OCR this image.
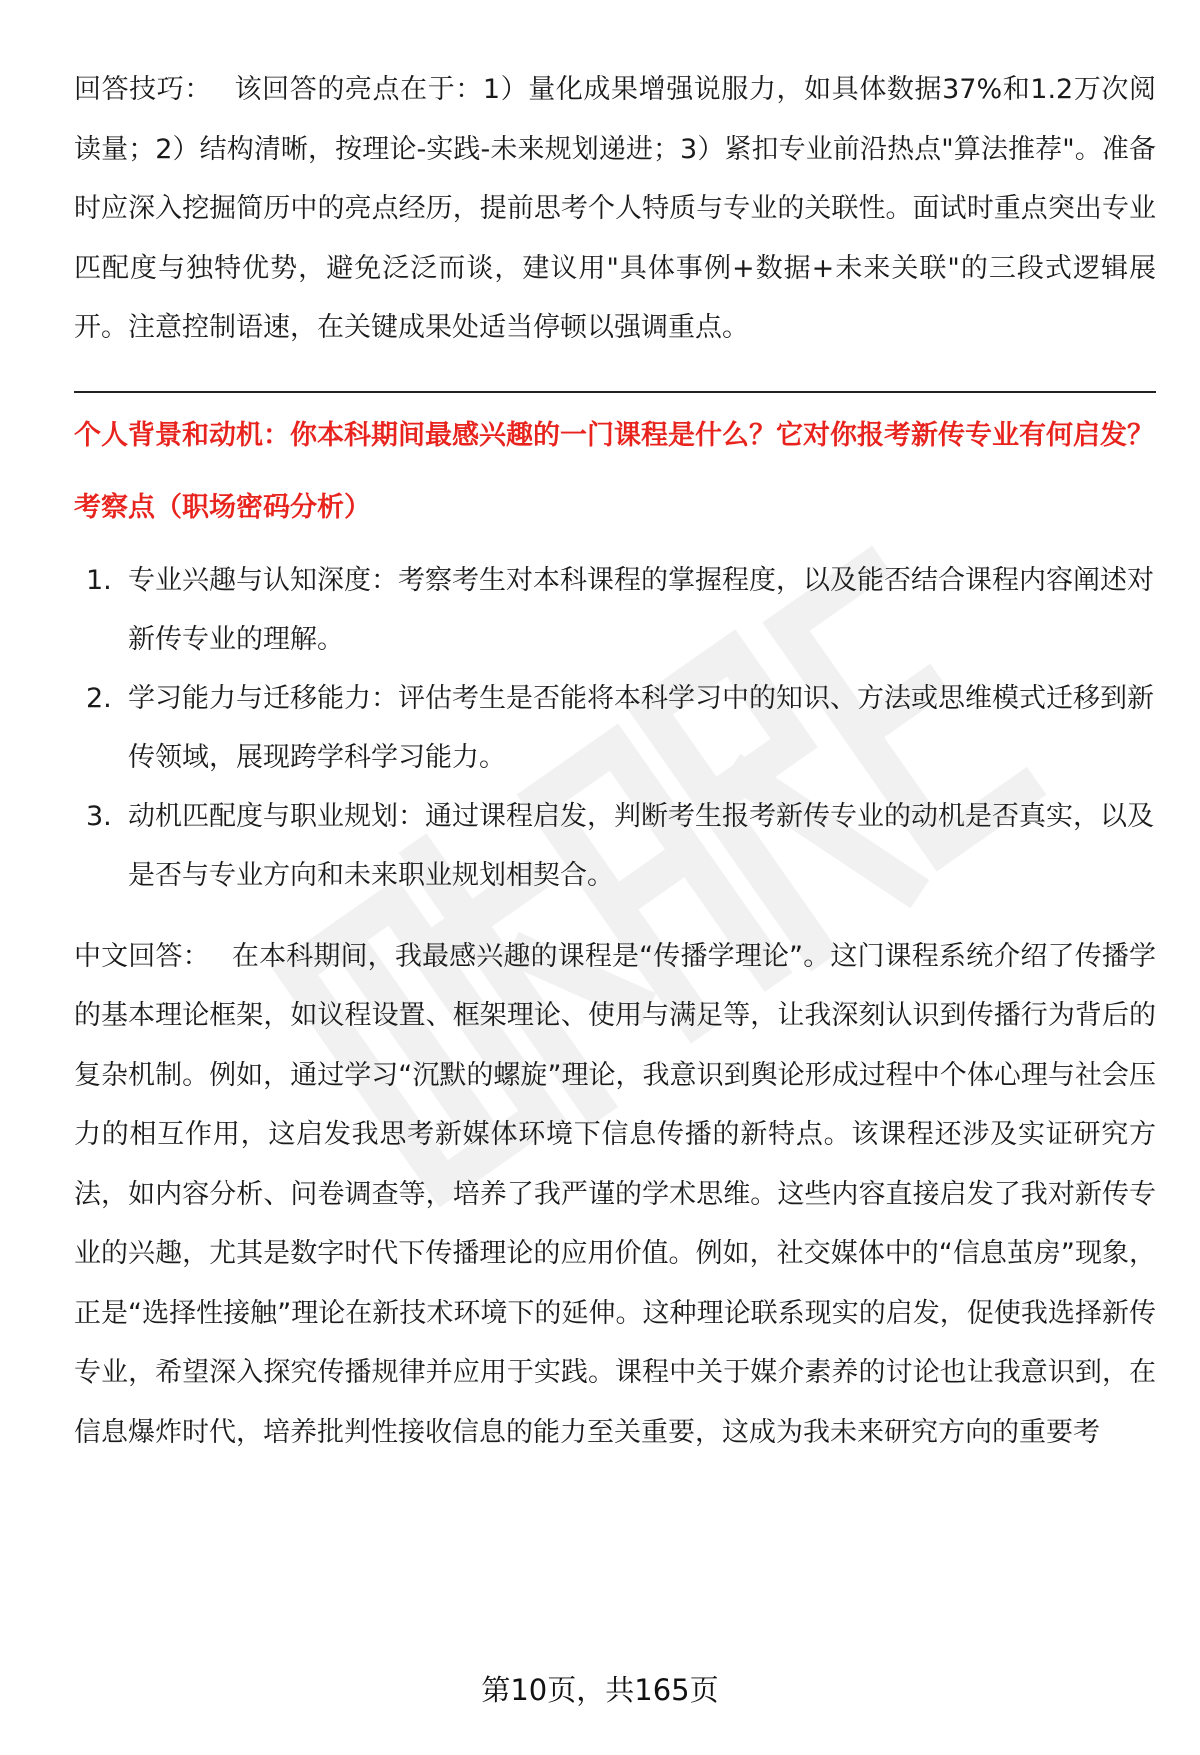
回答技巧： 该回答的亮点在于：1）量化成果增强说服力，如具体数据37%和1.2万次阅读量；2）结构清晰，按理论-实践-未来规划递进；3）紧扣专业前沿热点"算法推荐"。准备时应深入挖掘简历中的亮点经历，提前思考个人特质与专业的关联性。面试时重点突出专业匹配度与独特优势，避免泛泛而谈，建议用"具体事例+数据+未来关联"的三段式逻辑展开。注意控制语速，在关键成果处适当停顿以强调重点。

个人背景和动机：你本科期间最感兴趣的一门课程是什么？它对你报考新传专业有何启发？

考察点（职场密码分析）

1. 专业兴趣与认知深度：考察考生对本科课程的掌握程度，以及能否结合课程内容阐述对新传专业的理解。
2. 学习能力与迁移能力：评估考生是否能将本科学习中的知识、方法或思维模式迁移到新传领域，展现跨学科学习能力。
3. 动机匹配度与职业规划：通过课程启发，判断考生报考新传专业的动机是否真实，以及是否与专业方向和未来职业规划相契合。

中文回答： 在本科期间，我最感兴趣的课程是“传播学理论”。这门课程系统介绍了传播学的基本理论框架，如议程设置、框架理论、使用与满足等，让我深刻认识到传播行为背后的复杂机制。例如，通过学习“沉默的螺旋”理论，我意识到舆论形成过程中个体心理与社会压力的相互作用，这启发我思考新媒体环境下信息传播的新特点。该课程还涉及实证研究方法，如内容分析、问卷调查等，培养了我严谨的学术思维。这些内容直接启发了我对新传专业的兴趣，尤其是数字时代下传播理论的应用价值。例如，社交媒体中的“信息茧房”现象，正是“选择性接触”理论在新技术环境下的延伸。这种理论联系现实的启发，促使我选择新传专业，希望深入探究传播规律并应用于实践。课程中关于媒介素养的讨论也让我意识到，在信息爆炸时代，培养批判性接收信息的能力至关重要，这成为我未来研究方向的重要考

第10页，共165页
